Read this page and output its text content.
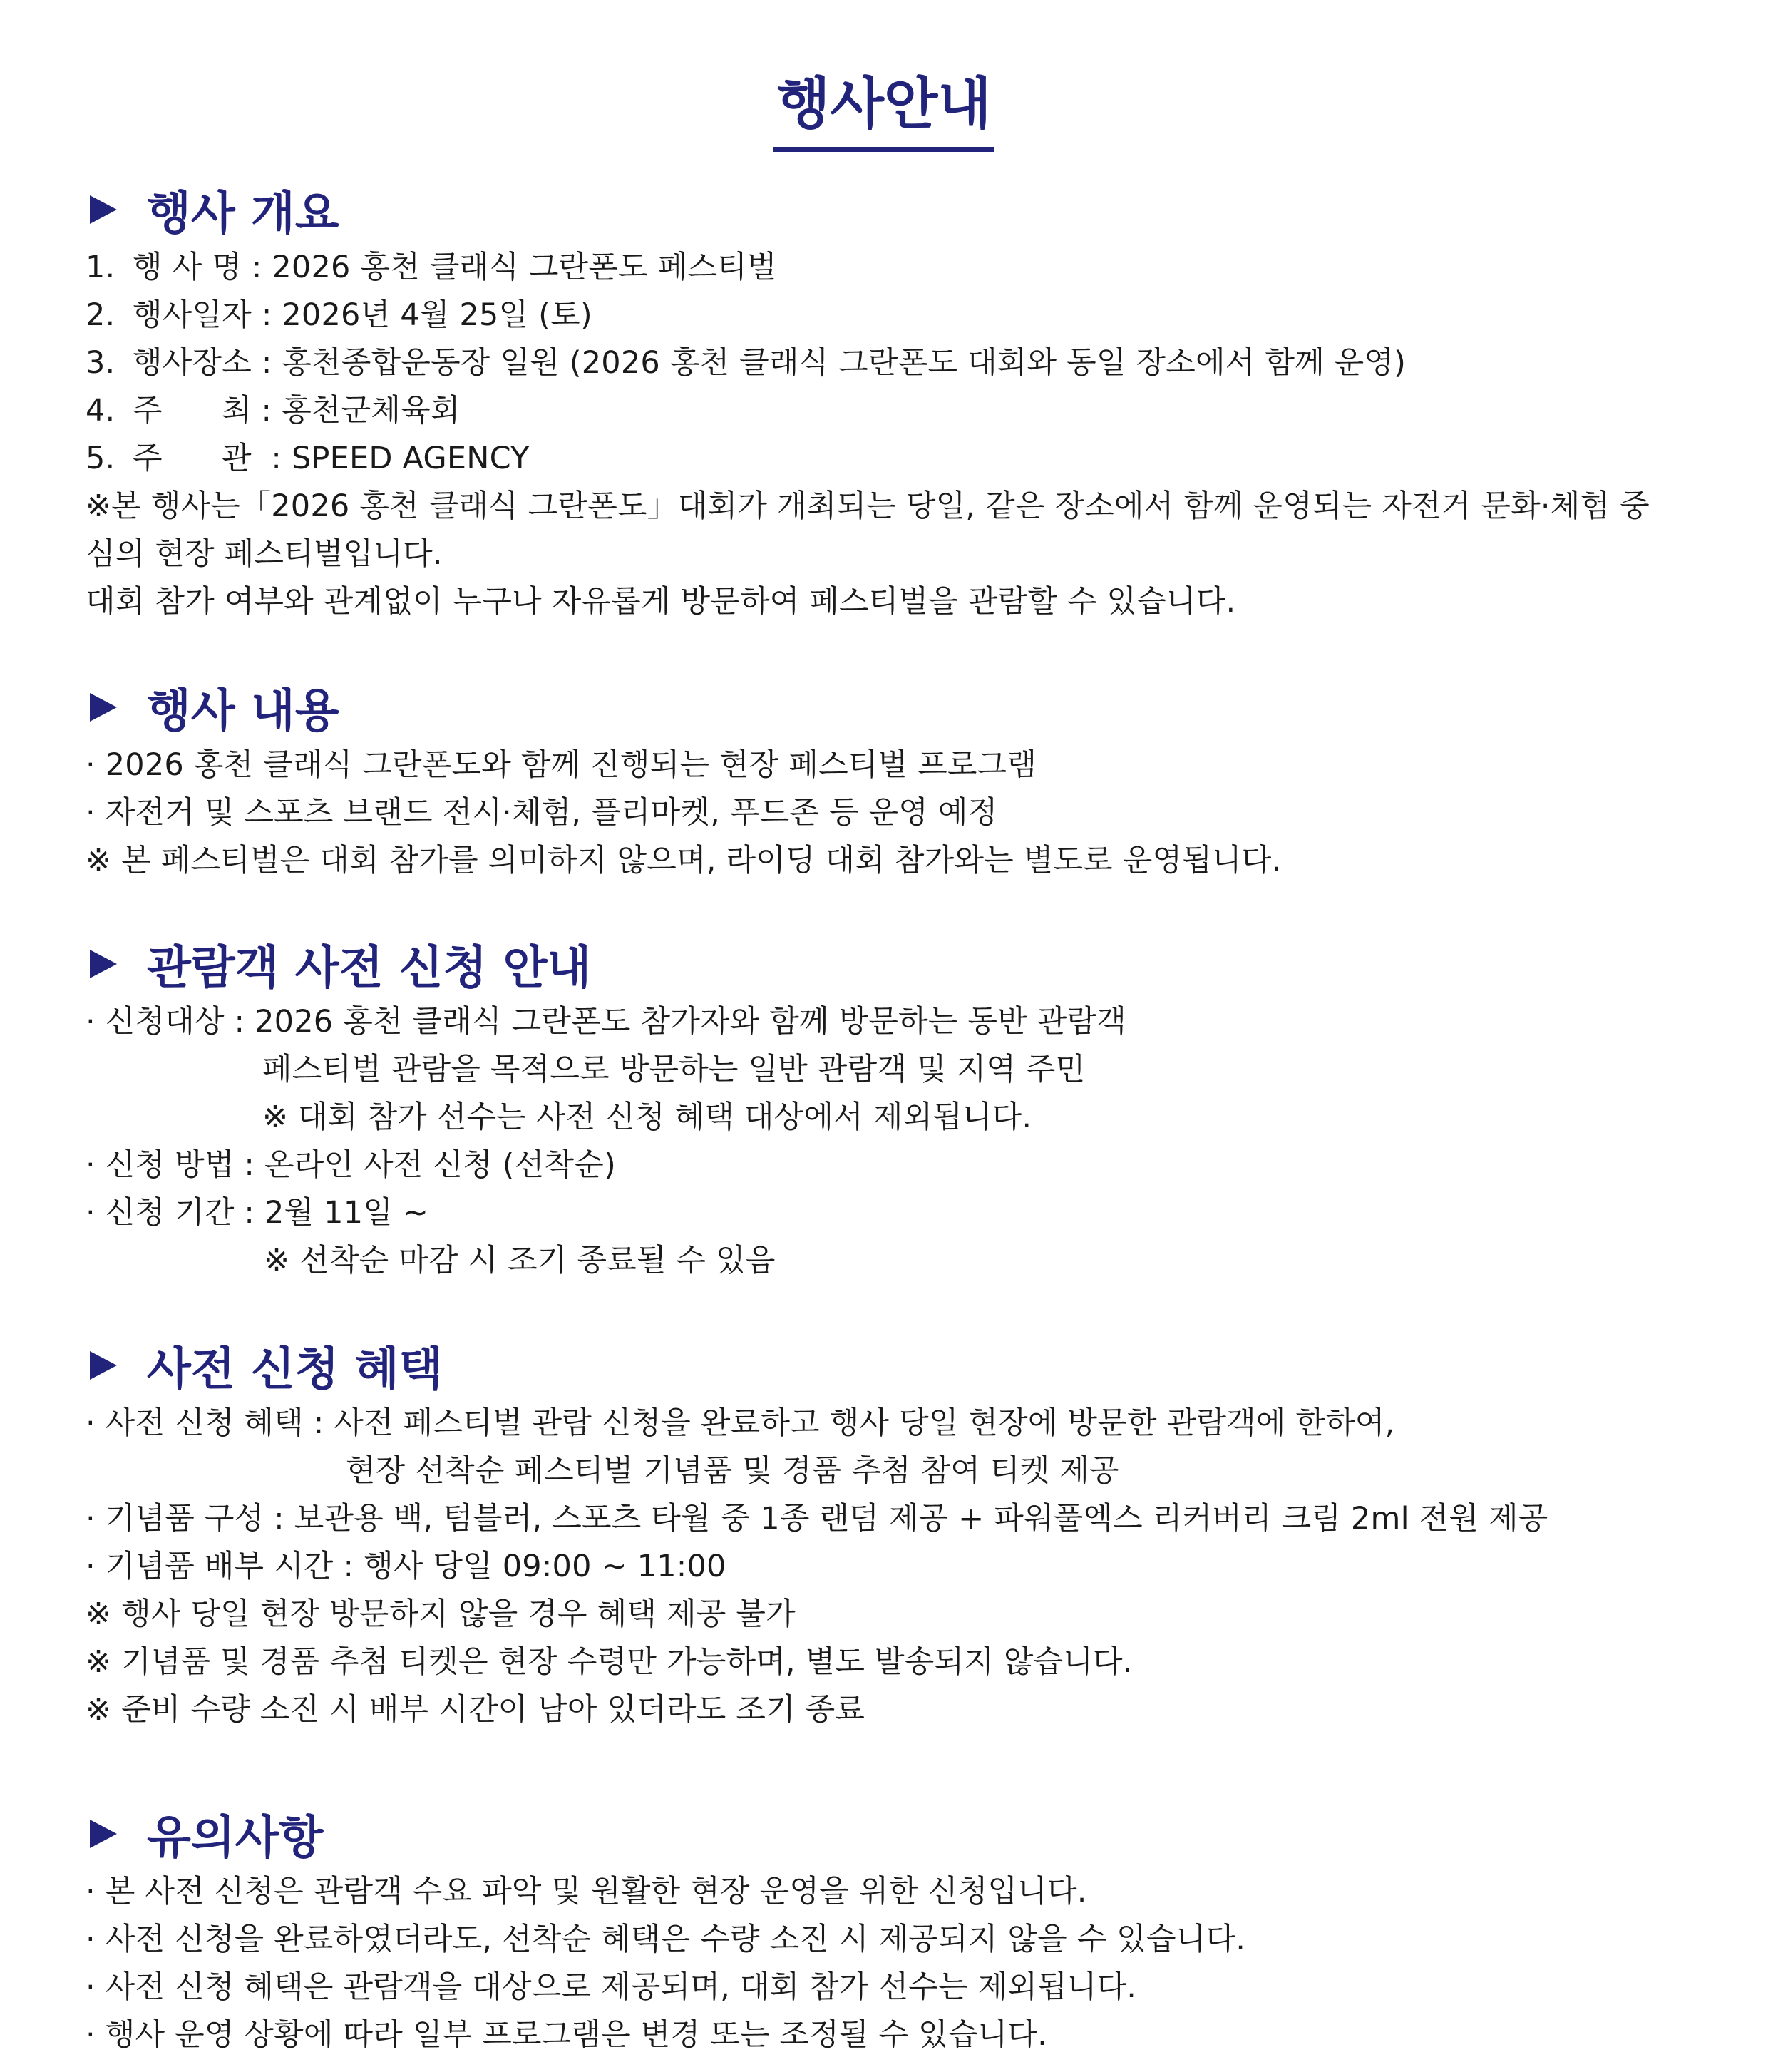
행사안내
행사 개요
1. 행 사 명 : 2026 홍천 클래식 그란폰도 페스티벌
2. 행사일자 : 2026년 4월 25일 (토)
3. 행사장소 : 홍천종합운동장 일원 (2026 홍천 클래식 그란폰도 대회와 동일 장소에서 함께 운영)
4. 주      최 : 홍천군체육회
5. 주      관  : SPEED AGENCY
※본 행사는「2026 홍천 클래식 그란폰도」대회가 개최되는 당일, 같은 장소에서 함께 운영되는 자전거 문화·체험 중심의 현장 페스티벌입니다.
대회 참가 여부와 관계없이 누구나 자유롭게 방문하여 페스티벌을 관람할 수 있습니다.
행사 내용
· 2026 홍천 클래식 그란폰도와 함께 진행되는 현장 페스티벌 프로그램
· 자전거 및 스포츠 브랜드 전시·체험, 플리마켓, 푸드존 등 운영 예정
※ 본 페스티벌은 대회 참가를 의미하지 않으며, 라이딩 대회 참가와는 별도로 운영됩니다.
관람객 사전 신청 안내
· 신청대상 : 2026 홍천 클래식 그란폰도 참가자와 함께 방문하는 동반 관람객
페스티벌 관람을 목적으로 방문하는 일반 관람객 및 지역 주민
※ 대회 참가 선수는 사전 신청 혜택 대상에서 제외됩니다.
· 신청 방법 : 온라인 사전 신청 (선착순)
· 신청 기간 : 2월 11일 ~
※ 선착순 마감 시 조기 종료될 수 있음
사전 신청 혜택
· 사전 신청 혜택 : 사전 페스티벌 관람 신청을 완료하고 행사 당일 현장에 방문한 관람객에 한하여,
현장 선착순 페스티벌 기념품 및 경품 추첨 참여 티켓 제공
· 기념품 구성 : 보관용 백, 텀블러, 스포츠 타월 중 1종 랜덤 제공 + 파워풀엑스 리커버리 크림 2ml 전원 제공
· 기념품 배부 시간 : 행사 당일 09:00 ~ 11:00
※ 행사 당일 현장 방문하지 않을 경우 혜택 제공 불가
※ 기념품 및 경품 추첨 티켓은 현장 수령만 가능하며, 별도 발송되지 않습니다.
※ 준비 수량 소진 시 배부 시간이 남아 있더라도 조기 종료
유의사항
· 본 사전 신청은 관람객 수요 파악 및 원활한 현장 운영을 위한 신청입니다.
· 사전 신청을 완료하였더라도, 선착순 혜택은 수량 소진 시 제공되지 않을 수 있습니다.
· 사전 신청 혜택은 관람객을 대상으로 제공되며, 대회 참가 선수는 제외됩니다.
· 행사 운영 상황에 따라 일부 프로그램은 변경 또는 조정될 수 있습니다.
